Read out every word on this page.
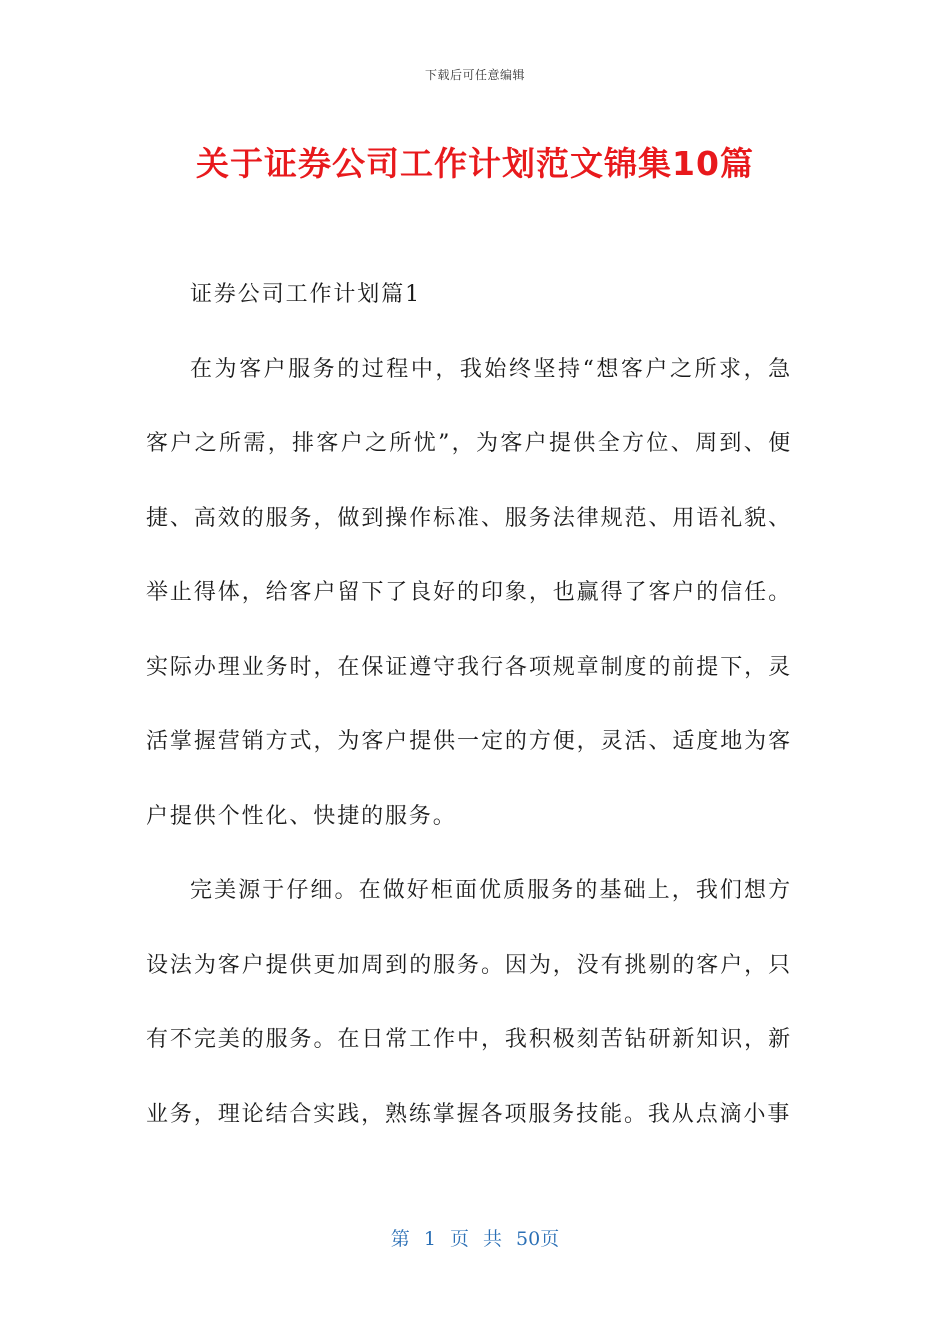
下载后可任意编辑
关于证券公司工作计划范文锦集10篇

证券公司工作计划篇1

在为客户服务的过程中，我始终坚持“想客户之所求，急客户之所需，排客户之所忧”，为客户提供全方位、周到、便捷、高效的服务，做到操作标准、服务法律规范、用语礼貌、举止得体，给客户留下了良好的印象，也赢得了客户的信任。实际办理业务时，在保证遵守我行各项规章制度的前提下，灵活掌握营销方式，为客户提供一定的方便，灵活、适度地为客户提供个性化、快捷的服务。

完美源于仔细。在做好柜面优质服务的基础上，我们想方设法为客户提供更加周到的服务。因为，没有挑剔的客户，只有不完美的服务。在日常工作中，我积极刻苦钻研新知识，新业务，理论结合实践，熟练掌握各项服务技能。我从点滴小事

第 1 页 共 50页
